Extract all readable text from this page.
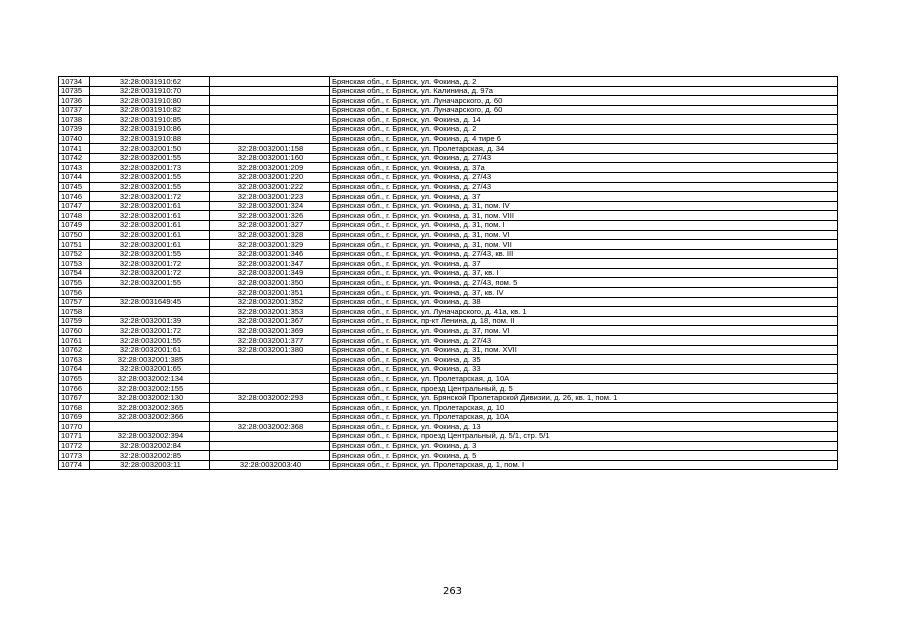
10734	32:28:0031910:62		Брянская обл., г. Брянск, ул. Фокина, д. 2
10735	32:28:0031910:70		Брянская обл., г. Брянск, ул. Калинина, д. 97а
10736	32:28:0031910:80		Брянская обл., г. Брянск, ул. Луначарского, д. 60
10737	32:28:0031910:82		Брянская обл., г. Брянск, ул. Луначарского, д. 60
10738	32:28:0031910:85		Брянская обл., г. Брянск, ул. Фокина, д. 14
10739	32:28:0031910:86		Брянская обл., г. Брянск, ул. Фокина, д. 2
10740	32:28:0031910:88		Брянская обл., г. Брянск, ул. Фокина, д. 4 тире 6
10741	32:28:0032001:50	32:28:0032001:158	Брянская обл., г. Брянск, ул. Пролетарская, д. 34
10742	32:28:0032001:55	32:28:0032001:160	Брянская обл., г. Брянск, ул. Фокина, д. 27/43
10743	32:28:0032001:73	32:28:0032001:209	Брянская обл., г. Брянск, ул. Фокина, д. 37а
10744	32:28:0032001:55	32:28:0032001:220	Брянская обл., г. Брянск, ул. Фокина, д. 27/43
10745	32:28:0032001:55	32:28:0032001:222	Брянская обл., г. Брянск, ул. Фокина, д. 27/43
10746	32:28:0032001:72	32:28:0032001:223	Брянская обл., г. Брянск, ул. Фокина, д. 37
10747	32:28:0032001:61	32:28:0032001:324	Брянская обл., г. Брянск, ул. Фокина, д. 31, пом. IV
10748	32:28:0032001:61	32:28:0032001:326	Брянская обл., г. Брянск, ул. Фокина, д. 31, пом. VIII
10749	32:28:0032001:61	32:28:0032001:327	Брянская обл., г. Брянск, ул. Фокина, д. 31, пом. I
10750	32:28:0032001:61	32:28:0032001:328	Брянская обл., г. Брянск, ул. Фокина, д. 31, пом. VI
10751	32:28:0032001:61	32:28:0032001:329	Брянская обл., г. Брянск, ул. Фокина, д. 31, пом. VII
10752	32:28:0032001:55	32:28:0032001:346	Брянская обл., г. Брянск, ул. Фокина, д. 27/43, кв. III
10753	32:28:0032001:72	32:28:0032001:347	Брянская обл., г. Брянск, ул. Фокина, д. 37
10754	32:28:0032001:72	32:28:0032001:349	Брянская обл., г. Брянск, ул. Фокина, д. 37, кв. I
10755	32:28:0032001:55	32:28:0032001:350	Брянская обл., г. Брянск, ул. Фокина, д. 27/43, пом. 5
10756		32:28:0032001:351	Брянская обл., г. Брянск, ул. Фокина, д. 37, кв. IV
10757	32:28:0031649:45	32:28:0032001:352	Брянская обл., г. Брянск, ул. Фокина, д. 38
10758		32:28:0032001:353	Брянская обл., г. Брянск, ул. Луначарского, д. 41а, кв. 1
10759	32:28:0032001:39	32:28:0032001:367	Брянская обл., г. Брянск, пр-кт Ленина, д. 18, пом. II
10760	32:28:0032001:72	32:28:0032001:369	Брянская обл., г. Брянск, ул. Фокина, д. 37, пом. VI
10761	32:28:0032001:55	32:28:0032001:377	Брянская обл., г. Брянск, ул. Фокина, д. 27/43
10762	32:28:0032001:61	32:28:0032001:380	Брянская обл., г. Брянск, ул. Фокина, д. 31, пом. XVII
10763	32:28:0032001:385		Брянская обл., г. Брянск, ул. Фокина, д. 35
10764	32:28:0032001:65		Брянская обл., г. Брянск, ул. Фокина, д. 33
10765	32:28:0032002:134		Брянская обл., г. Брянск, ул. Пролетарская, д. 10А
10766	32:28:0032002:155		Брянская обл., г. Брянск, проезд Центральный, д. 5
10767	32:28:0032002:130	32:28:0032002:293	Брянская обл., г. Брянск, ул. Брянской Пролетарской Дивизии, д. 26, кв. 1, пом. 1
10768	32:28:0032002:365		Брянская обл., г. Брянск, ул. Пролетарская, д. 10
10769	32:28:0032002:366		Брянская обл., г. Брянск, ул. Пролетарская, д. 10А
10770		32:28:0032002:368	Брянская обл., г. Брянск, ул. Фокина, д. 13
10771	32:28:0032002:394		Брянская обл., г. Брянск, проезд Центральный, д. 5/1, стр. 5/1
10772	32:28:0032002:84		Брянская обл., г. Брянск, ул. Фокина, д. 3
10773	32:28:0032002:85		Брянская обл., г. Брянск, ул. Фокина, д. 5
10774	32:28:0032003:11	32:28:0032003:40	Брянская обл., г. Брянск, ул. Пролетарская, д. 1, пом. I
263
